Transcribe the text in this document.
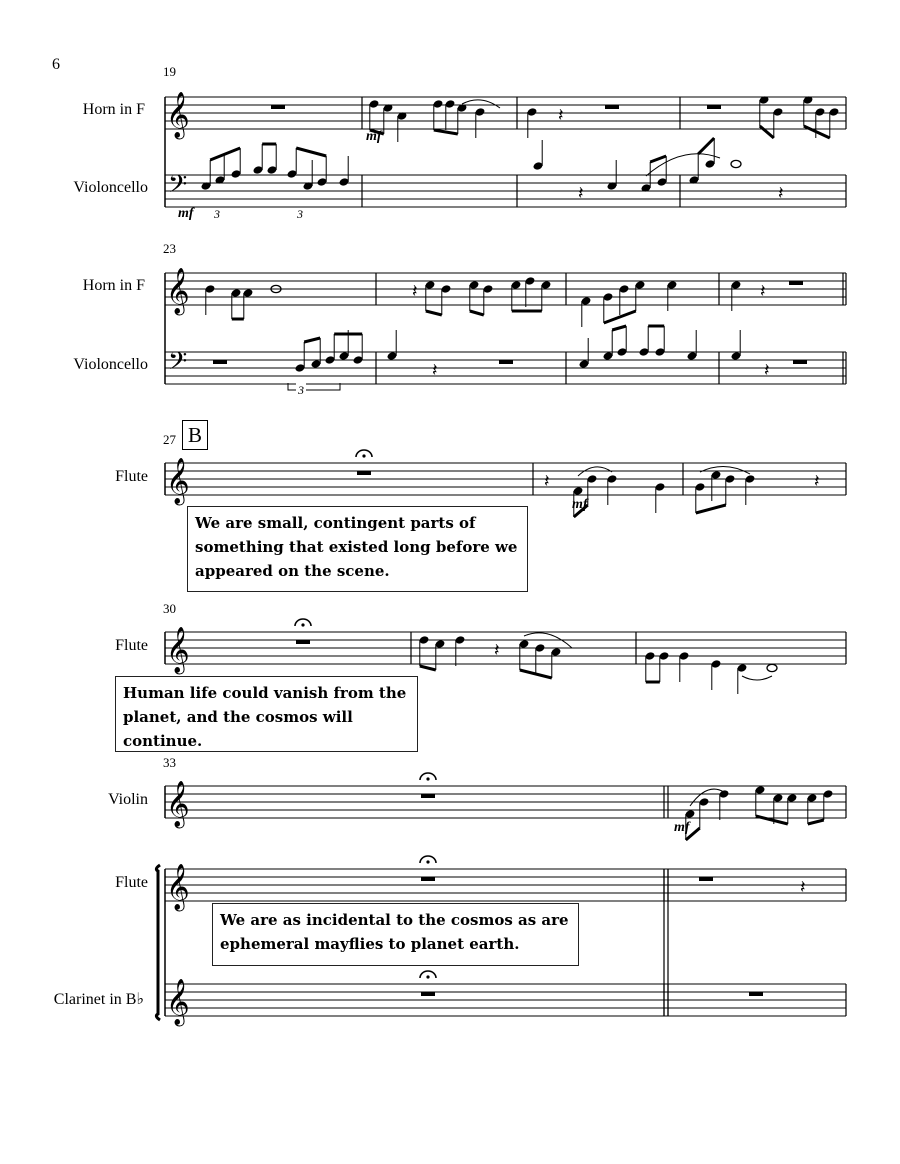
𝄞
𝄢
𝄽
𝄽	𝄽
𝄞
𝄢
𝄽	𝄽
𝄽	𝄽
𝄞	𝄽	𝄽
𝄞	𝄽
𝄞
𝄞
𝄞
𝄽
6
Horn in F
Violoncello
Horn in F
Violoncello
Flute
Flute
Violin
Flute
Clarinet in B♭
19
23
27
30
33
B
mf
mf
mf
mf
3	3
3
We are small, contingent parts of
something that existed long before we
appeared on the scene.
Human life could vanish from the
planet, and the cosmos will
continue.
We are as incidental to the cosmos as are
ephemeral mayflies to planet earth.
